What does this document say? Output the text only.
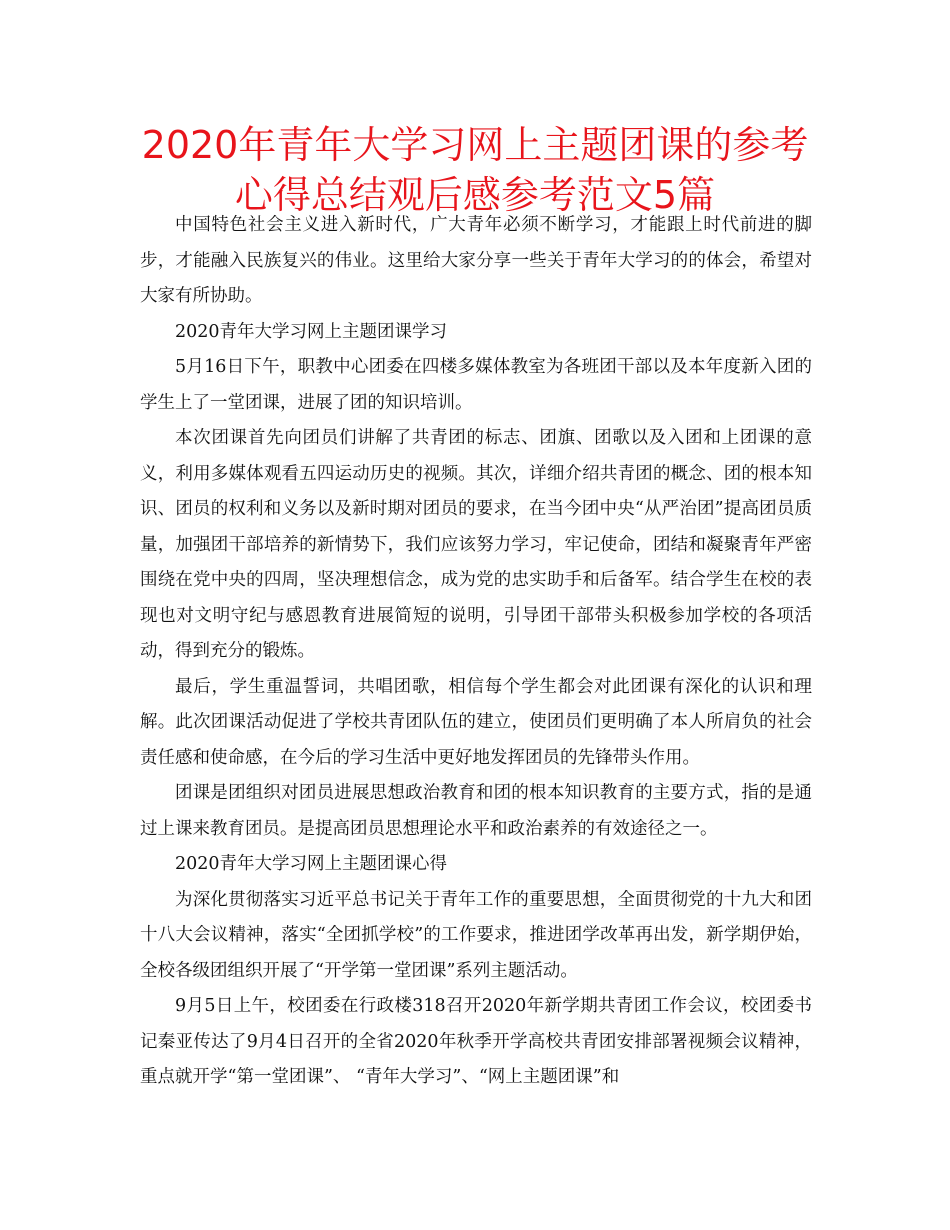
2020年青年大学习网上主题团课的参考心得总结观后感参考范文5篇

中国特色社会主义进入新时代，广大青年必须不断学习，才能跟上时代前进的脚步，才能融入民族复兴的伟业。这里给大家分享一些关于青年大学习的的体会，希望对大家有所协助。

2020青年大学习网上主题团课学习

5月16日下午，职教中心团委在四楼多媒体教室为各班团干部以及本年度新入团的学生上了一堂团课，进展了团的知识培训。

本次团课首先向团员们讲解了共青团的标志、团旗、团歌以及入团和上团课的意义，利用多媒体观看五四运动历史的视频。其次，详细介绍共青团的概念、团的根本知识、团员的权利和义务以及新时期对团员的要求，在当今团中央“从严治团”提高团员质量，加强团干部培养的新情势下，我们应该努力学习，牢记使命，团结和凝聚青年严密围绕在党中央的四周，坚决理想信念，成为党的忠实助手和后备军。结合学生在校的表现也对文明守纪与感恩教育进展简短的说明，引导团干部带头积极参加学校的各项活动，得到充分的锻炼。

最后，学生重温誓词，共唱团歌，相信每个学生都会对此团课有深化的认识和理解。此次团课活动促进了学校共青团队伍的建立，使团员们更明确了本人所肩负的社会责任感和使命感，在今后的学习生活中更好地发挥团员的先锋带头作用。

团课是团组织对团员进展思想政治教育和团的根本知识教育的主要方式，指的是通过上课来教育团员。是提高团员思想理论水平和政治素养的有效途径之一。

2020青年大学习网上主题团课心得

为深化贯彻落实习近平总书记关于青年工作的重要思想，全面贯彻党的十九大和团十八大会议精神，落实“全团抓学校”的工作要求，推进团学改革再出发，新学期伊始，全校各级团组织开展了“开学第一堂团课”系列主题活动。

9月5日上午，校团委在行政楼318召开2020年新学期共青团工作会议，校团委书记秦亚传达了9月4日召开的全省2020年秋季开学高校共青团安排部署视频会议精神，重点就开学“第一堂团课”、 “青年大学习”、“网上主题团课”和
